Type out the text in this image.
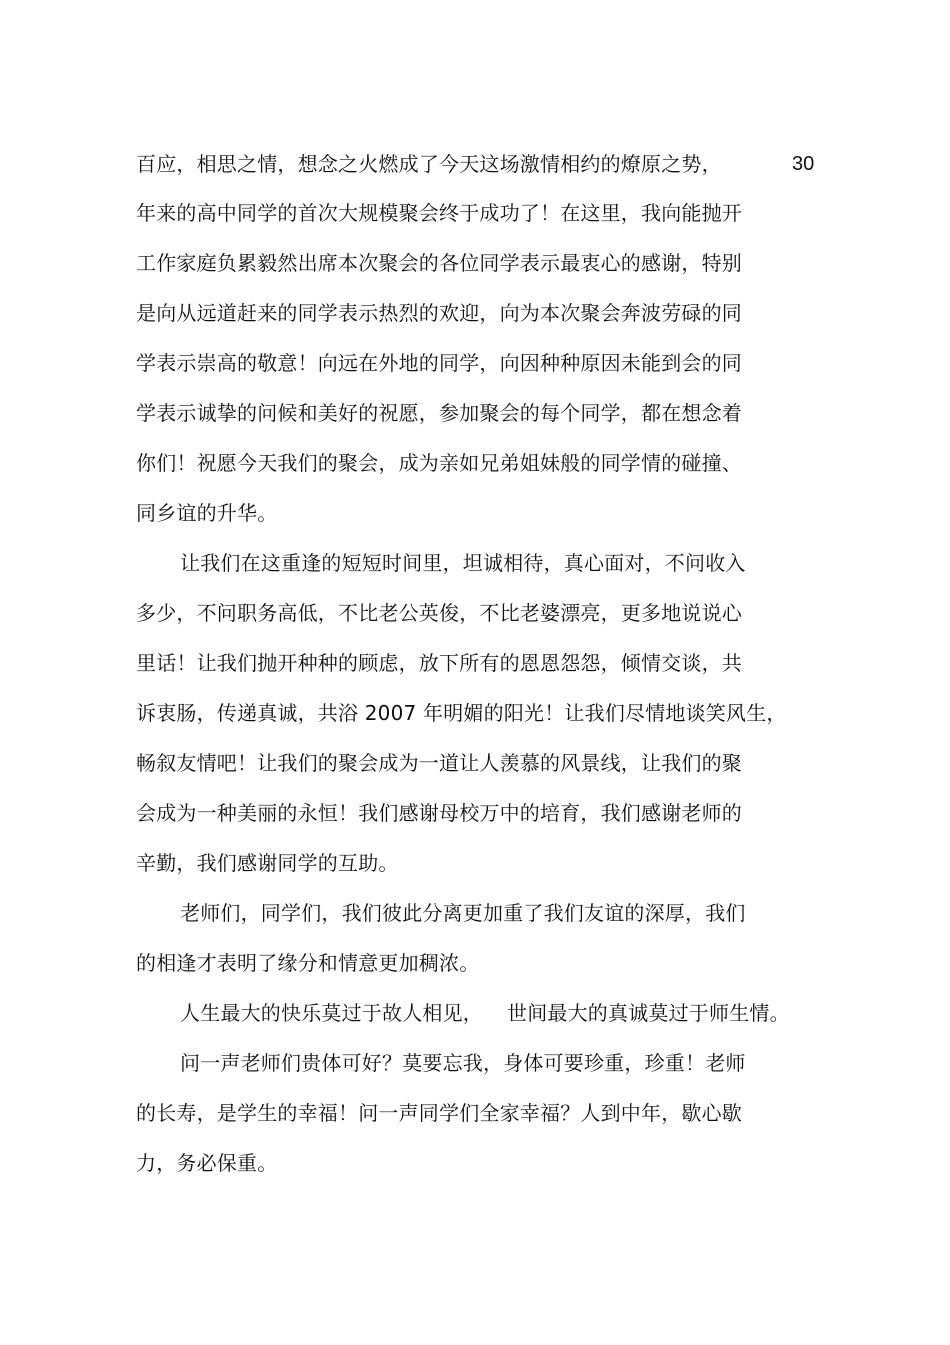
百应，相思之情，想念之火燃成了今天这场激情相约的燎原之势，	30
年来的高中同学的首次大规模聚会终于成功了！在这里，我向能抛开
工作家庭负累毅然出席本次聚会的各位同学表示最衷心的感谢，特别
是向从远道赶来的同学表示热烈的欢迎，向为本次聚会奔波劳碌的同
学表示崇高的敬意！向远在外地的同学，向因种种原因未能到会的同
学表示诚挚的问候和美好的祝愿，参加聚会的每个同学，都在想念着
你们！祝愿今天我们的聚会，成为亲如兄弟姐妹般的同学情的碰撞、
同乡谊的升华。
让我们在这重逢的短短时间里，坦诚相待，真心面对，不问收入
多少，不问职务高低，不比老公英俊，不比老婆漂亮，更多地说说心
里话！让我们抛开种种的顾虑，放下所有的恩恩怨怨，倾情交谈，共
诉衷肠，传递真诚，共浴 2007 年明媚的阳光！让我们尽情地谈笑风生，
畅叙友情吧！让我们的聚会成为一道让人羡慕的风景线，让我们的聚
会成为一种美丽的永恒！我们感谢母校万中的培育，我们感谢老师的
辛勤，我们感谢同学的互助。
老师们，同学们，我们彼此分离更加重了我们友谊的深厚，我们
的相逢才表明了缘分和情意更加稠浓。
人生最大的快乐莫过于故人相见， 世间最大的真诚莫过于师生情。
问一声老师们贵体可好？莫要忘我，身体可要珍重，珍重！老师
的长寿，是学生的幸福！问一声同学们全家幸福？人到中年，歇心歇
力，务必保重。
